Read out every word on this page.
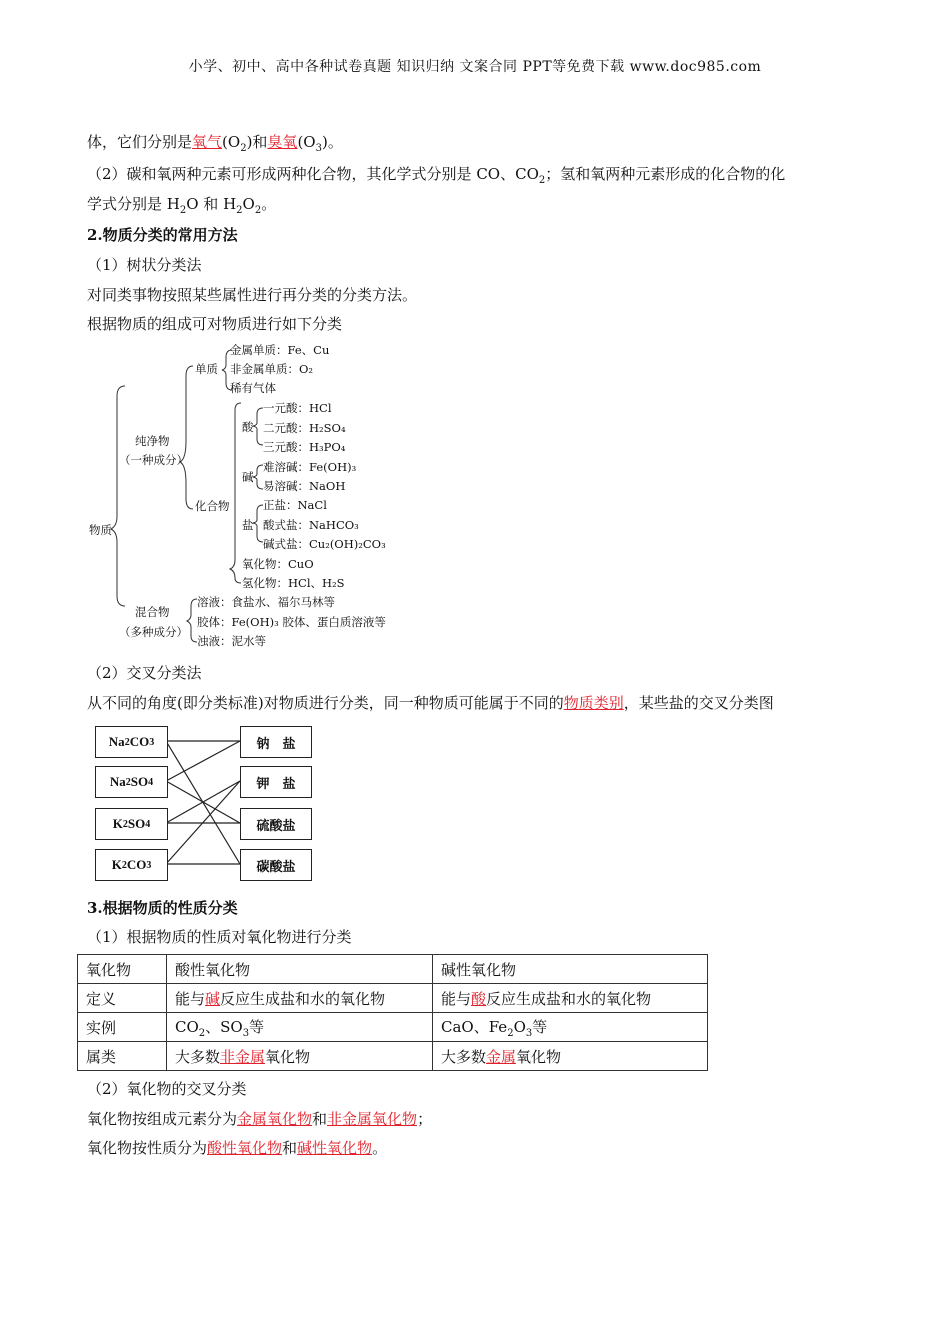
小学、初中、高中各种试卷真题 知识归纳 文案合同 PPT等免费下载 www.doc985.com
体，它们分别是氧气$(O_2)$和臭氧$(O_3)$。
（2）碳和氧两种元素可形成两种化合物，其化学式分别是 CO、$CO_2$；氢和氧两种元素形成的化合物的化
学式分别是 $H_2O$ 和 $H_2O_2$。
2.物质分类的常用方法
（1）树状分类法
对同类事物按照某些属性进行再分类的分类方法。
根据物质的组成可对物质进行如下分类
物质
纯净物
（一种成分）
混合物
（多种成分）
单质
金属单质：Fe、Cu
非金属单质：O₂
稀有气体
化合物
酸
一元酸：HCl
二元酸：H₂SO₄
三元酸：H₃PO₄
碱
难溶碱：Fe(OH)₃
易溶碱：NaOH
盐
正盐：NaCl
酸式盐：NaHCO₃
碱式盐：Cu₂(OH)₂CO₃
氧化物：CuO
氢化物：HCl、H₂S
溶液：食盐水、福尔马林等
胶体：Fe(OH)₃ 胶体、蛋白质溶液等
浊液：泥水等
（2）交叉分类法
从不同的角度(即分类标准)对物质进行分类，同一种物质可能属于不同的物质类别，某些盐的交叉分类图
Na 2 CO 3
Na 2 SO 4
K 2 SO 4
K 2 CO 3
钠　盐
钾　盐
硫酸盐
碳酸盐
3.根据物质的性质分类
（1）根据物质的性质对氧化物进行分类
氧化物	酸性氧化物	碱性氧化物
定义	能与碱反应生成盐和水的氧化物	能与酸反应生成盐和水的氧化物
实例	$CO_2$、$SO_3$等	CaO、$Fe_2O_3$等
属类	大多数非金属氧化物	大多数金属氧化物
（2）氧化物的交叉分类
氧化物按组成元素分为金属氧化物和非金属氧化物；
氧化物按性质分为酸性氧化物和碱性氧化物。
